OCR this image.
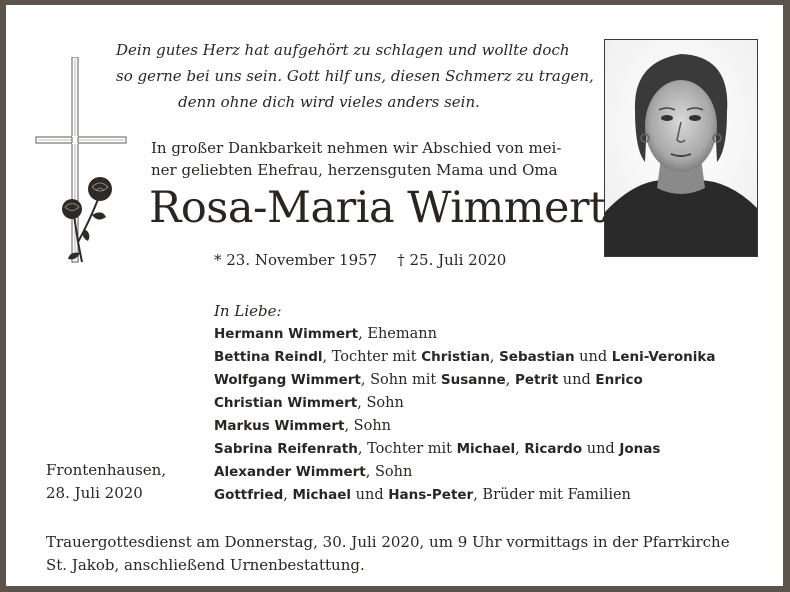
Dein gutes Herz hat aufgehört zu schlagen und wollte doch
so gerne bei uns sein. Gott hilf uns, diesen Schmerz zu tragen,
denn ohne dich wird vieles anders sein.
In großer Dankbarkeit nehmen wir Abschied von mei-
ner geliebten Ehefrau, herzensguten Mama und Oma
Rosa-Maria Wimmert
* 23. November 1957 † 25. Juli 2020
In Liebe:
Hermann Wimmert, Ehemann
Bettina Reindl, Tochter mit Christian, Sebastian und Leni-Veronika
Wolfgang Wimmert, Sohn mit Susanne, Petrit und Enrico
Christian Wimmert, Sohn
Markus Wimmert, Sohn
Sabrina Reifenrath, Tochter mit Michael, Ricardo und Jonas
Alexander Wimmert, Sohn
Gottfried, Michael und Hans-Peter, Brüder mit Familien
Frontenhausen,
28. Juli 2020
Trauergottesdienst am Donnerstag, 30. Juli 2020, um 9 Uhr vormittags in der Pfarrkirche
St. Jakob, anschließend Urnenbestattung.
